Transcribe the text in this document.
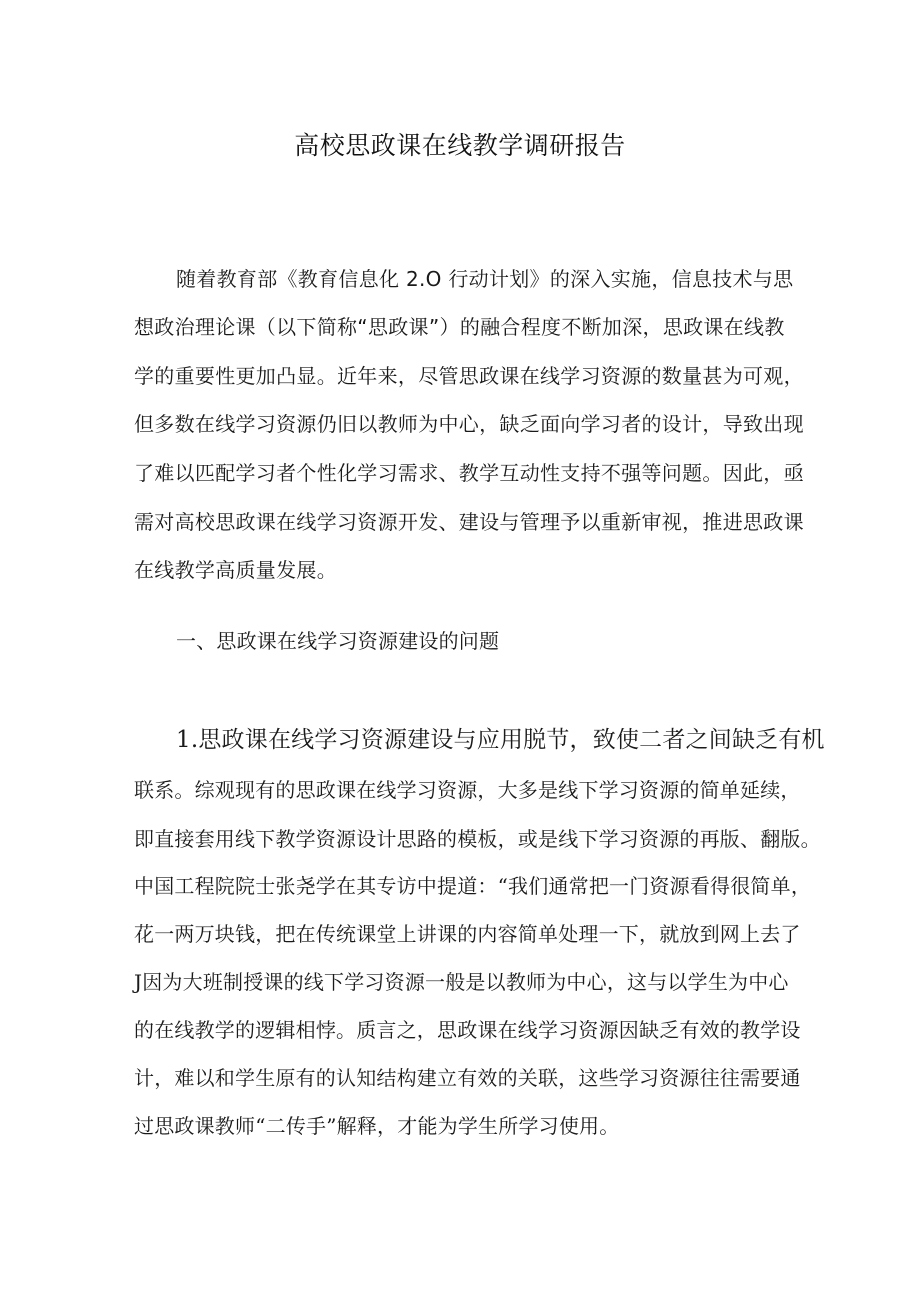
高校思政课在线教学调研报告
随着教育部《教育信息化 2.O 行动计划》的深入实施，信息技术与思
想政治理论课（以下简称“思政课”）的融合程度不断加深，思政课在线教
学的重要性更加凸显。近年来，尽管思政课在线学习资源的数量甚为可观，
但多数在线学习资源仍旧以教师为中心，缺乏面向学习者的设计，导致出现
了难以匹配学习者个性化学习需求、教学互动性支持不强等问题。因此，亟
需对高校思政课在线学习资源开发、建设与管理予以重新审视，推进思政课
在线教学高质量发展。
一、思政课在线学习资源建设的问题
1.思政课在线学习资源建设与应用脱节，致使二者之间缺乏有机
联系。综观现有的思政课在线学习资源，大多是线下学习资源的简单延续，
即直接套用线下教学资源设计思路的模板，或是线下学习资源的再版、翻版。
中国工程院院士张尧学在其专访中提道：“我们通常把一门资源看得很简单，
花一两万块钱，把在传统课堂上讲课的内容简单处理一下，就放到网上去了
J因为大班制授课的线下学习资源一般是以教师为中心，这与以学生为中心
的在线教学的逻辑相悖。质言之，思政课在线学习资源因缺乏有效的教学设
计，难以和学生原有的认知结构建立有效的关联，这些学习资源往往需要通
过思政课教师“二传手”解释，才能为学生所学习使用。
